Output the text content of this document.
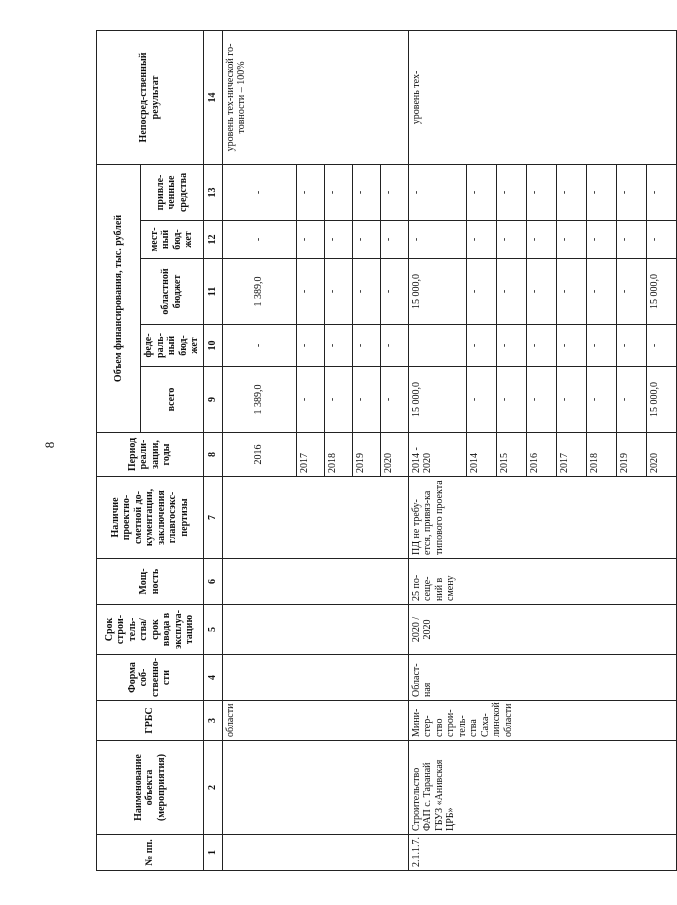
8
№ пп.	Наименование объекта (мероприятия)	ГРБС	Форма соб-ственно-сти	Срок строи-тель-ства/срок ввода в эксплуа-тацию	Мощ-ность	Наличие проектно-сметной до-кументации, заключения главгосэкс-пертизы	Период реали-зации, годы	Объем финансирования, тыс. рублей					Непосред-ственный результат
								всего	феде-раль-ный бюд-жет	областной бюджет	мест-ный бюд-жет	привле-ченные средства	
1	2	3	4	5	6	7	8	9	10	11	12	13	14
		области					2016	1 389,0	-	1 389,0	-	-	уровень тех-нической го-товности – 100%
							2017	-	-	-	-	-	
							2018	-	-	-	-	-	
							2019	-	-	-	-	-	
							2020	-	-	-	-	-	
2.1.1.7.	Строительство ФАП с. Таранай ГБУЗ «Анивская ЦРБ»	Мини-стер-ство строи-тель-ства Саха-линской области	Област-ная	2020 / 2020	25 по-сеще-ний в смену	ПД не требу-ется, привяз-ка типового проекта	2014 - 2020	15 000,0		15 000,0	-	-	уровень тех-
							2014	-	-	-	-	-	
							2015	-	-	-	-	-	
							2016	-	-	-	-	-	
							2017	-	-	-	-	-	
							2018	-	-	-	-	-	
							2019	-	-	-	-	-	
							2020	15 000,0	-	15 000,0	-	-	
